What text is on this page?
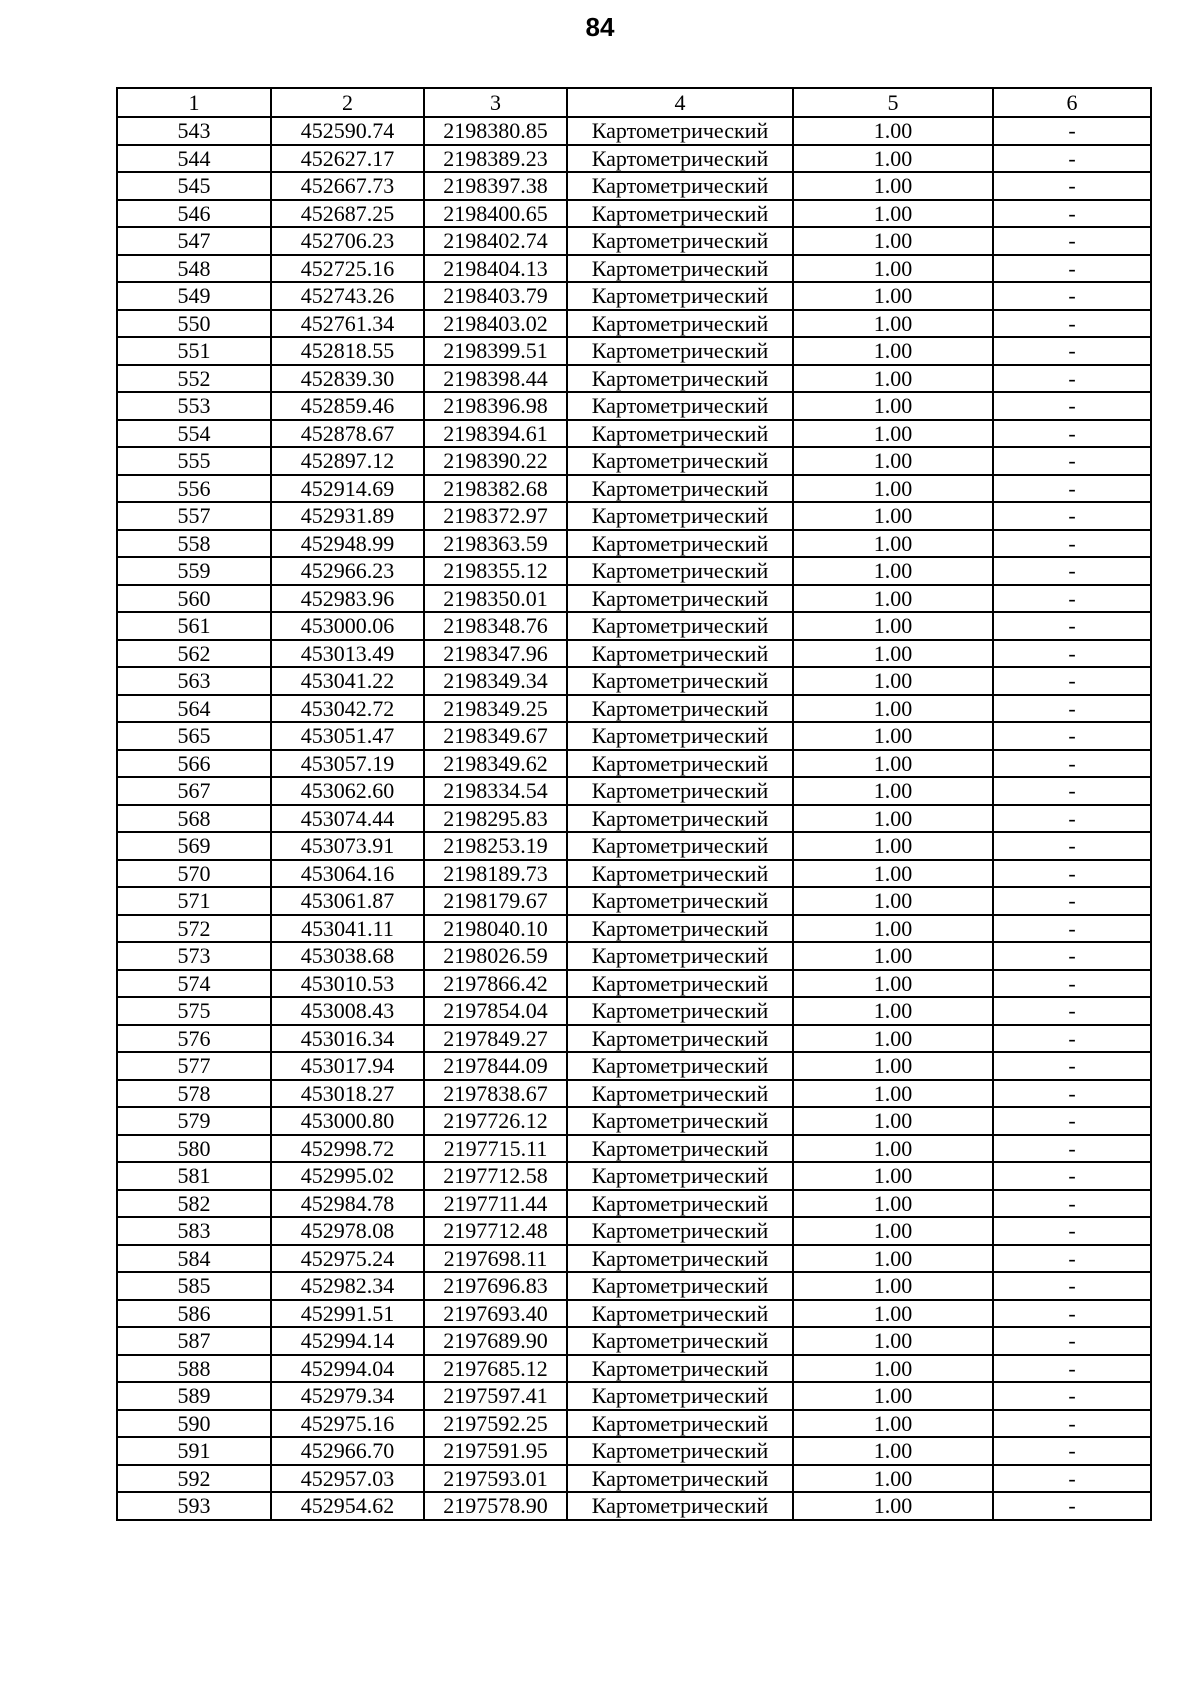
84
1	2	3	4	5	6
543	452590.74	2198380.85	Картометрический	1.00	-
544	452627.17	2198389.23	Картометрический	1.00	-
545	452667.73	2198397.38	Картометрический	1.00	-
546	452687.25	2198400.65	Картометрический	1.00	-
547	452706.23	2198402.74	Картометрический	1.00	-
548	452725.16	2198404.13	Картометрический	1.00	-
549	452743.26	2198403.79	Картометрический	1.00	-
550	452761.34	2198403.02	Картометрический	1.00	-
551	452818.55	2198399.51	Картометрический	1.00	-
552	452839.30	2198398.44	Картометрический	1.00	-
553	452859.46	2198396.98	Картометрический	1.00	-
554	452878.67	2198394.61	Картометрический	1.00	-
555	452897.12	2198390.22	Картометрический	1.00	-
556	452914.69	2198382.68	Картометрический	1.00	-
557	452931.89	2198372.97	Картометрический	1.00	-
558	452948.99	2198363.59	Картометрический	1.00	-
559	452966.23	2198355.12	Картометрический	1.00	-
560	452983.96	2198350.01	Картометрический	1.00	-
561	453000.06	2198348.76	Картометрический	1.00	-
562	453013.49	2198347.96	Картометрический	1.00	-
563	453041.22	2198349.34	Картометрический	1.00	-
564	453042.72	2198349.25	Картометрический	1.00	-
565	453051.47	2198349.67	Картометрический	1.00	-
566	453057.19	2198349.62	Картометрический	1.00	-
567	453062.60	2198334.54	Картометрический	1.00	-
568	453074.44	2198295.83	Картометрический	1.00	-
569	453073.91	2198253.19	Картометрический	1.00	-
570	453064.16	2198189.73	Картометрический	1.00	-
571	453061.87	2198179.67	Картометрический	1.00	-
572	453041.11	2198040.10	Картометрический	1.00	-
573	453038.68	2198026.59	Картометрический	1.00	-
574	453010.53	2197866.42	Картометрический	1.00	-
575	453008.43	2197854.04	Картометрический	1.00	-
576	453016.34	2197849.27	Картометрический	1.00	-
577	453017.94	2197844.09	Картометрический	1.00	-
578	453018.27	2197838.67	Картометрический	1.00	-
579	453000.80	2197726.12	Картометрический	1.00	-
580	452998.72	2197715.11	Картометрический	1.00	-
581	452995.02	2197712.58	Картометрический	1.00	-
582	452984.78	2197711.44	Картометрический	1.00	-
583	452978.08	2197712.48	Картометрический	1.00	-
584	452975.24	2197698.11	Картометрический	1.00	-
585	452982.34	2197696.83	Картометрический	1.00	-
586	452991.51	2197693.40	Картометрический	1.00	-
587	452994.14	2197689.90	Картометрический	1.00	-
588	452994.04	2197685.12	Картометрический	1.00	-
589	452979.34	2197597.41	Картометрический	1.00	-
590	452975.16	2197592.25	Картометрический	1.00	-
591	452966.70	2197591.95	Картометрический	1.00	-
592	452957.03	2197593.01	Картометрический	1.00	-
593	452954.62	2197578.90	Картометрический	1.00	-
